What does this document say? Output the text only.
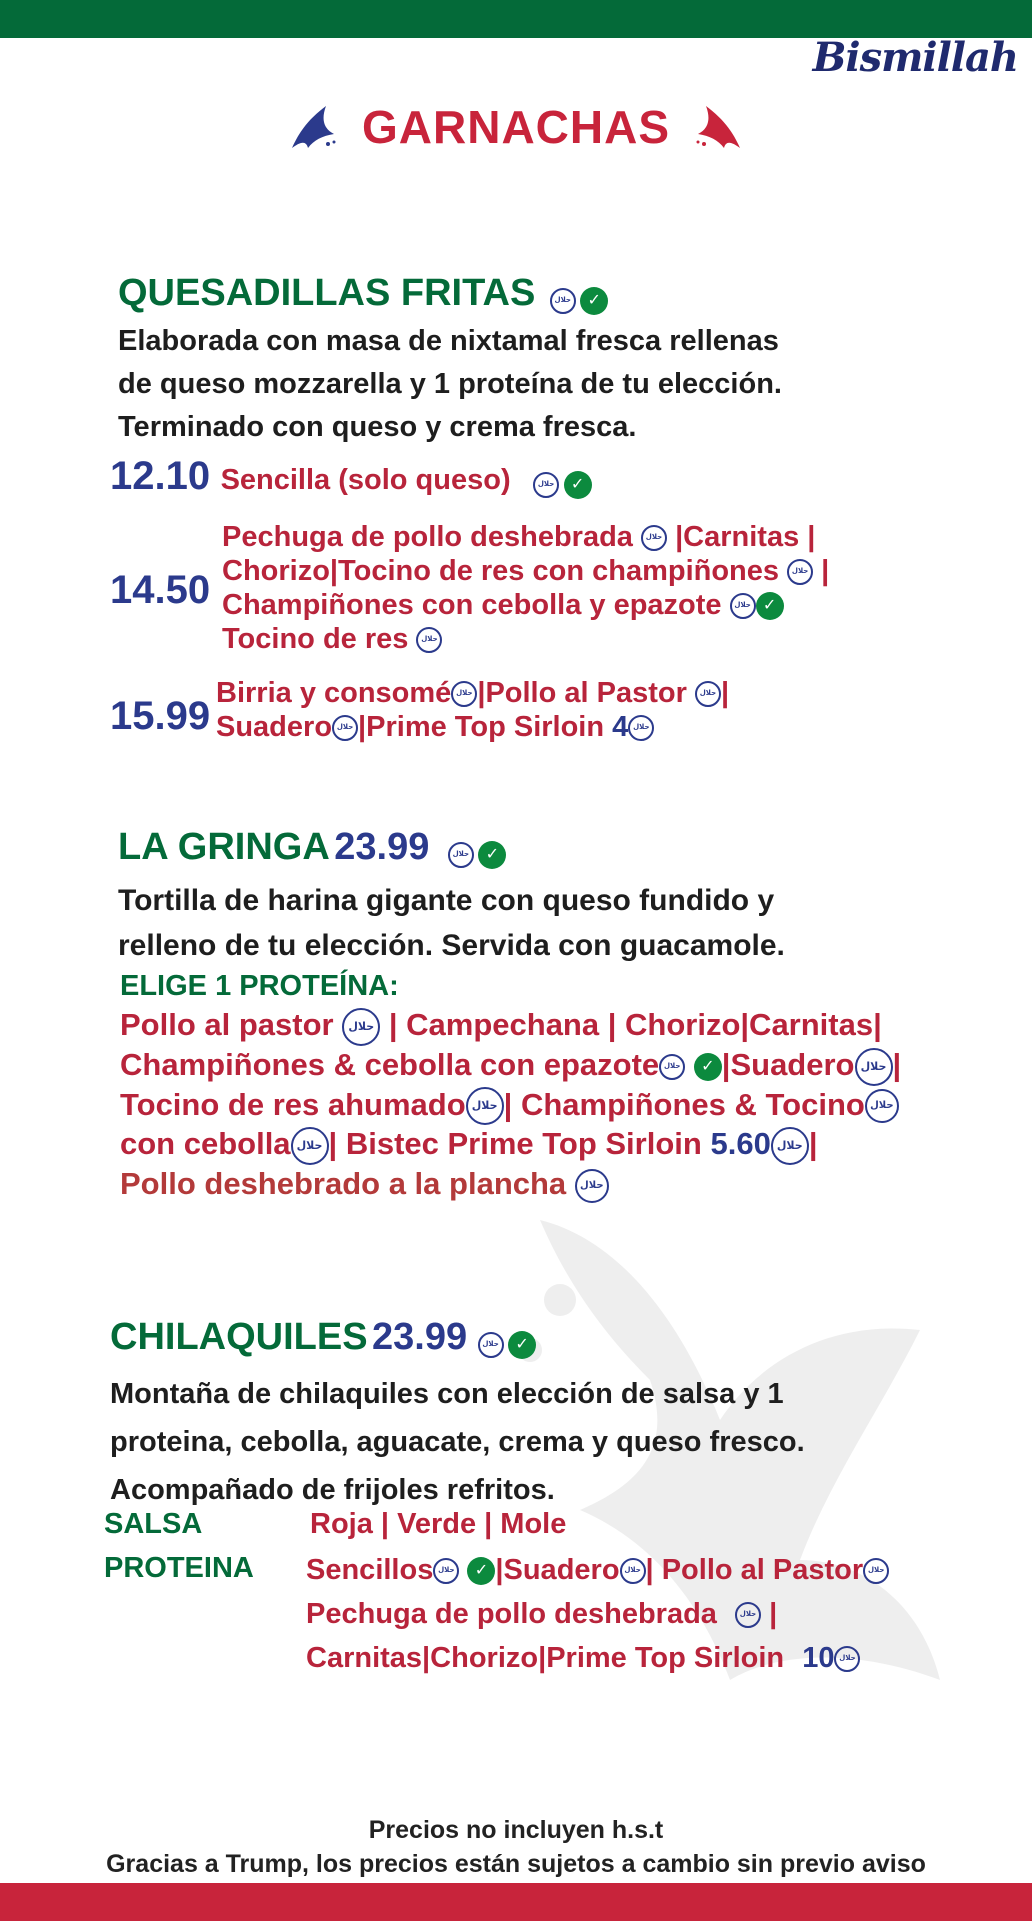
Bismillah
GARNACHAS
QUESADILLAS FRITAS	حلال ✓
Elaborada con masa de nixtamal fresca rellenas
de queso mozzarella y 1 proteína de tu elección.
Terminado con queso y crema fresca.
12.10 Sencilla (solo queso)	حلال ✓
14.50
Pechuga de pollo deshebrada حلال |Carnitas |
Chorizo|Tocino de res con champiñones حلال |
Champiñones con cebolla y epazote حلال ✓
Tocino de res حلال
15.99
Birria y consomé حلال |Pollo al Pastor حلال |
Suadero حلال |Prime Top Sirloin 4 حلال
LA GRINGA 23.99	حلال ✓
Tortilla de harina gigante con queso fundido y
relleno de tu elección. Servida con guacamole.
ELIGE 1 PROTEÍNA:
Pollo al pastor حلال | Campechana | Chorizo|Carnitas|
Champiñones & cebolla con epazote حلال ✓ |Suadero حلال |
Tocino de res ahumado حلال | Champiñones & Tocino حلال
con cebolla حلال | Bistec Prime Top Sirloin 5.60 حلال |
Pollo deshebrado a la plancha حلال
CHILAQUILES 23.99 حلال ✓
Montaña de chilaquiles con elección de salsa y 1
proteina, cebolla, aguacate, crema y queso fresco.
Acompañado de frijoles refritos.
SALSA	Roja | Verde | Mole
PROTEINA Sencillos حلال ✓ |Suadero حلال | Pollo al Pastor حلال
Pechuga de pollo deshebrada	حلال |
Carnitas|Chorizo|Prime Top Sirloin 10 حلال
Precios no incluyen h.s.t
Gracias a Trump, los precios están sujetos a cambio sin previo aviso
